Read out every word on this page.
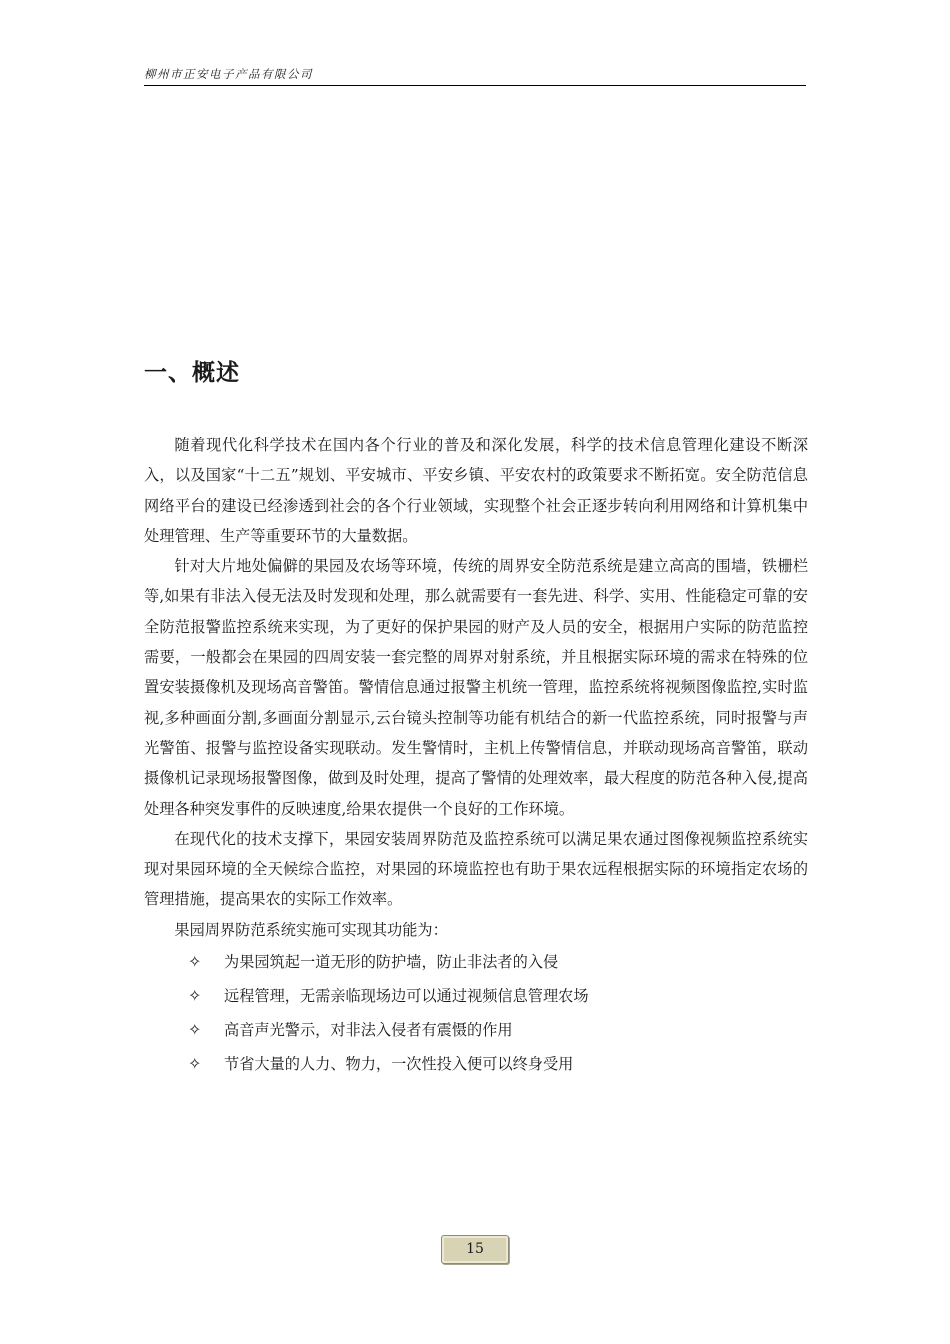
柳州市正安电子产品有限公司
一、概述

随着现代化科学技术在国内各个行业的普及和深化发展，科学的技术信息管理化建设不断深入，以及国家“十二五”规划、平安城市、平安乡镇、平安农村的政策要求不断拓宽。安全防范信息网络平台的建设已经渗透到社会的各个行业领域，实现整个社会正逐步转向利用网络和计算机集中处理管理、生产等重要环节的大量数据。

针对大片地处偏僻的果园及农场等环境，传统的周界安全防范系统是建立高高的围墙，铁栅栏等,如果有非法入侵无法及时发现和处理，那么就需要有一套先进、科学、实用、性能稳定可靠的安全防范报警监控系统来实现，为了更好的保护果园的财产及人员的安全，根据用户实际的防范监控需要，一般都会在果园的四周安装一套完整的周界对射系统，并且根据实际环境的需求在特殊的位置安装摄像机及现场高音警笛。警情信息通过报警主机统一管理，监控系统将视频图像监控,实时监视,多种画面分割,多画面分割显示,云台镜头控制等功能有机结合的新一代监控系统，同时报警与声光警笛、报警与监控设备实现联动。发生警情时，主机上传警情信息，并联动现场高音警笛，联动摄像机记录现场报警图像，做到及时处理，提高了警情的处理效率，最大程度的防范各种入侵,提高处理各种突发事件的反映速度,给果农提供一个良好的工作环境。

在现代化的技术支撑下，果园安装周界防范及监控系统可以满足果农通过图像视频监控系统实现对果园环境的全天候综合监控，对果园的环境监控也有助于果农远程根据实际的环境指定农场的管理措施，提高果农的实际工作效率。

果园周界防范系统实施可实现其功能为：

✧ 为果园筑起一道无形的防护墙，防止非法者的入侵
✧ 远程管理，无需亲临现场边可以通过视频信息管理农场
✧ 高音声光警示，对非法入侵者有震慑的作用
✧ 节省大量的人力、物力，一次性投入便可以终身受用
15
